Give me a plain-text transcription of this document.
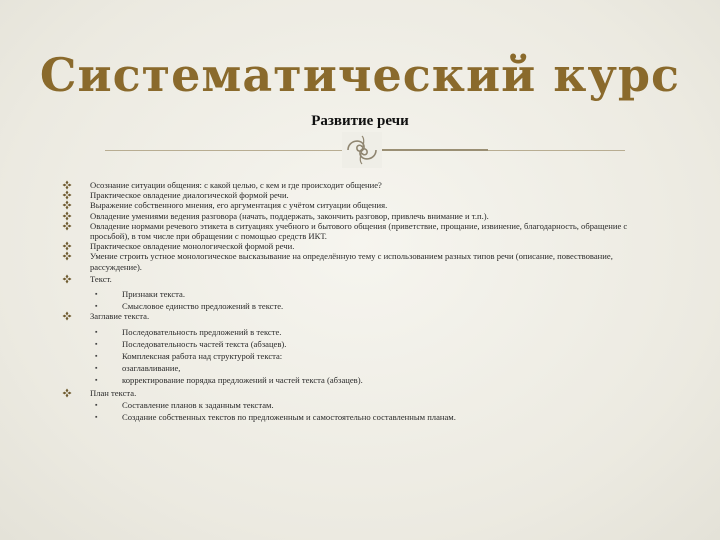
Систематический курс
Развитие речи
Осознание ситуации общения: с какой целью, с кем и где происходит общение?
Практическое овладение диалогической формой речи.
Выражение собственного мнения, его аргументация с учётом ситуации общения.
Овладение умениями ведения разговора (начать, поддержать, закончить разговор, привлечь внимание и т.п.).
Овладение нормами речевого этикета в ситуациях учебного и бытового общения (приветствие, прощание, извинение, благодарность, обращение с просьбой), в том числе при обращении с помощью средств ИКТ.
Практическое овладение монологической формой речи.
Умение строить устное монологическое высказывание на определённую тему с использованием разных типов речи (описание, повествование, рассуждение).
Текст.
▪	Признаки текста.
▪	Смысловое единство предложений в тексте.
Заглавие текста.
▪	Последовательность предложений в тексте.
▪	Последовательность частей текста (абзацев).
▪	Комплексная работа над структурой текста:
▪	озаглавливание,
▪	корректирование порядка предложений и частей текста (абзацев).
План текста.
▪	Составление планов к заданным текстам.
▪	Создание собственных текстов по предложенным и самостоятельно составленным планам.
